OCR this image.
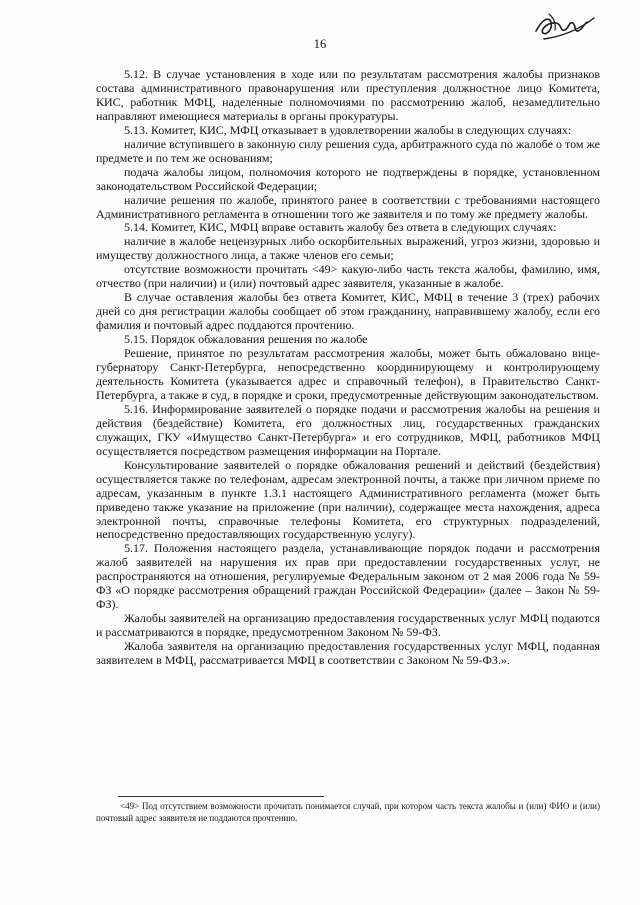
16

5.12. В случае установления в ходе или по результатам рассмотрения жалобы признаков состава административного правонарушения или преступления должностное лицо Комитета, КИС, работник МФЦ, наделенные полномочиями по рассмотрению жалоб, незамедлительно направляют имеющиеся материалы в органы прокуратуры.

5.13. Комитет, КИС, МФЦ отказывает в удовлетворении жалобы в следующих случаях:

наличие вступившего в законную силу решения суда, арбитражного суда по жалобе о том же предмете и по тем же основаниям;

подача жалобы лицом, полномочия которого не подтверждены в порядке, установленном законодательством Российской Федерации;

наличие решения по жалобе, принятого ранее в соответствии с требованиями настоящего Административного регламента в отношении того же заявителя и по тому же предмету жалобы.

5.14. Комитет, КИС, МФЦ вправе оставить жалобу без ответа в следующих случаях:

наличие в жалобе нецензурных либо оскорбительных выражений, угроз жизни, здоровью и имуществу должностного лица, а также членов его семьи;

отсутствие возможности прочитать <49> какую-либо часть текста жалобы, фамилию, имя, отчество (при наличии) и (или) почтовый адрес заявителя, указанные в жалобе.

В случае оставления жалобы без ответа Комитет, КИС, МФЦ в течение 3 (трех) рабочих дней со дня регистрации жалобы сообщает об этом гражданину, направившему жалобу, если его фамилия и почтовый адрес поддаются прочтению.

5.15. Порядок обжалования решения по жалобе

Решение, принятое по результатам рассмотрения жалобы, может быть обжаловано вице-губернатору Санкт-Петербурга, непосредственно координирующему и контролирующему деятельность Комитета (указывается адрес и справочный телефон), в Правительство Санкт-Петербурга, а также в суд, в порядке и сроки, предусмотренные действующим законодательством.

5.16. Информирование заявителей о порядке подачи и рассмотрения жалобы на решения и действия (бездействие) Комитета, его должностных лиц, государственных гражданских служащих, ГКУ «Имущество Санкт-Петербурга» и его сотрудников, МФЦ, работников МФЦ осуществляется посредством размещения информации на Портале.

Консультирование заявителей о порядке обжалования решений и действий (бездействия) осуществляется также по телефонам, адресам электронной почты, а также при личном приеме по адресам, указанным в пункте 1.3.1 настоящего Административного регламента (может быть приведено также указание на приложение (при наличии), содержащее места нахождения, адреса электронной почты, справочные телефоны Комитета, его структурных подразделений, непосредственно предоставляющих государственную услугу).

5.17. Положения настоящего раздела, устанавливающие порядок подачи и рассмотрения жалоб заявителей на нарушения их прав при предоставлении государственных услуг, не распространяются на отношения, регулируемые Федеральным законом от 2 мая 2006 года № 59-ФЗ «О порядке рассмотрения обращений граждан Российской Федерации» (далее – Закон № 59-ФЗ).

Жалобы заявителей на организацию предоставления государственных услуг МФЦ подаются и рассматриваются в порядке, предусмотренном Законом № 59-ФЗ.

Жалоба заявителя на организацию предоставления государственных услуг МФЦ, поданная заявителем в МФЦ, рассматривается МФЦ в соответствии с Законом № 59-ФЗ.».

<49> Под отсутствием возможности прочитать понимается случай, при котором часть текста жалобы и (или) ФИО и (или) почтовый адрес заявителя не поддаются прочтению.
